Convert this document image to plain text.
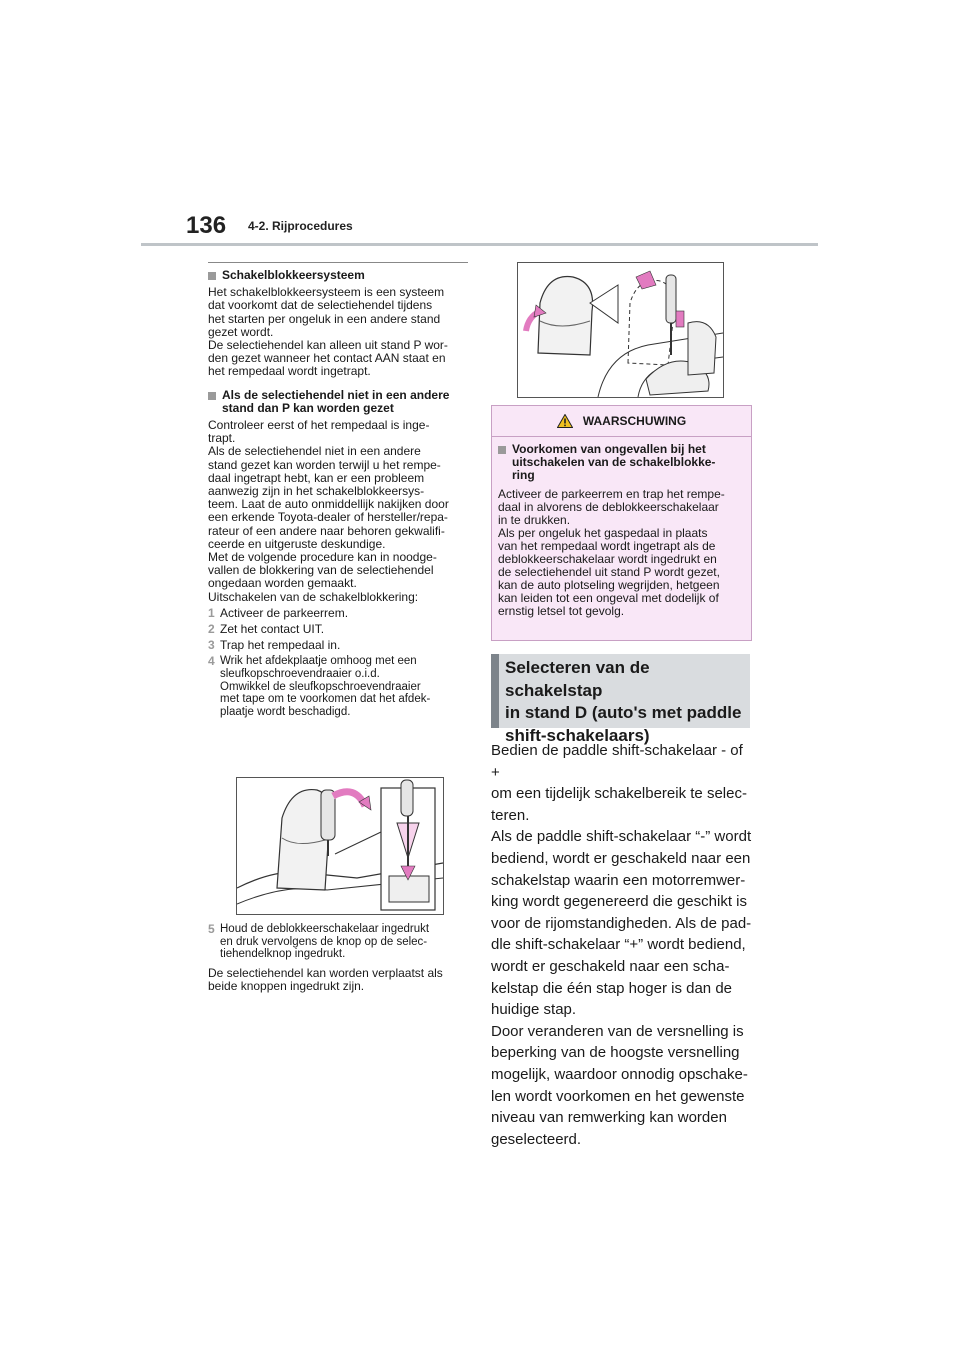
136 4-2. Rijprocedures
Schakelblokkeersysteem
Het schakelblokkeersysteem is een systeem
dat voorkomt dat de selectiehendel tijdens
het starten per ongeluk in een andere stand
gezet wordt.
De selectiehendel kan alleen uit stand P wor-
den gezet wanneer het contact AAN staat en
het rempedaal wordt ingetrapt.
Als de selectiehendel niet in een andere
stand dan P kan worden gezet
Controleer eerst of het rempedaal is inge-
trapt.
Als de selectiehendel niet in een andere
stand gezet kan worden terwijl u het rempe-
daal ingetrapt hebt, kan er een probleem
aanwezig zijn in het schakelblokkeersys-
teem. Laat de auto onmiddellijk nakijken door
een erkende Toyota-dealer of hersteller/repa-
rateur of een andere naar behoren gekwalifi-
ceerde en uitgeruste deskundige.
Met de volgende procedure kan in noodge-
vallen de blokkering van de selectiehendel
ongedaan worden gemaakt.
Uitschakelen van de schakelblokkering:
1 Activeer de parkeerrem.
2 Zet het contact UIT.
3 Trap het rempedaal in.
4 Wrik het afdekplaatje omhoog met een
sleufkopschroevendraaier o.i.d.
Omwikkel de sleufkopschroevendraaier
met tape om te voorkomen dat het afdek-
plaatje wordt beschadigd.
5 Houd de deblokkeerschakelaar ingedrukt
en druk vervolgens de knop op de selec-
tiehendelknop ingedrukt.
De selectiehendel kan worden verplaatst als
beide knoppen ingedrukt zijn.
WAARSCHUWING
Voorkomen van ongevallen bij het
uitschakelen van de schakelblokke-
ring
Activeer de parkeerrem en trap het rempe-
daal in alvorens de deblokkeerschakelaar
in te drukken.
Als per ongeluk het gaspedaal in plaats
van het rempedaal wordt ingetrapt als de
deblokkeerschakelaar wordt ingedrukt en
de selectiehendel uit stand P wordt gezet,
kan de auto plotseling wegrijden, hetgeen
kan leiden tot een ongeval met dodelijk of
ernstig letsel tot gevolg.
Selecteren van de schakelstap
in stand D (auto's met paddle
shift-schakelaars)
Bedien de paddle shift-schakelaar - of +
om een tijdelijk schakelbereik te selec-
teren.
Als de paddle shift-schakelaar “-” wordt
bediend, wordt er geschakeld naar een
schakelstap waarin een motorremwer-
king wordt gegenereerd die geschikt is
voor de rijomstandigheden. Als de pad-
dle shift-schakelaar “+” wordt bediend,
wordt er geschakeld naar een scha-
kelstap die één stap hoger is dan de
huidige stap.
Door veranderen van de versnelling is
beperking van de hoogste versnelling
mogelijk, waardoor onnodig opschake-
len wordt voorkomen en het gewenste
niveau van remwerking kan worden
geselecteerd.
